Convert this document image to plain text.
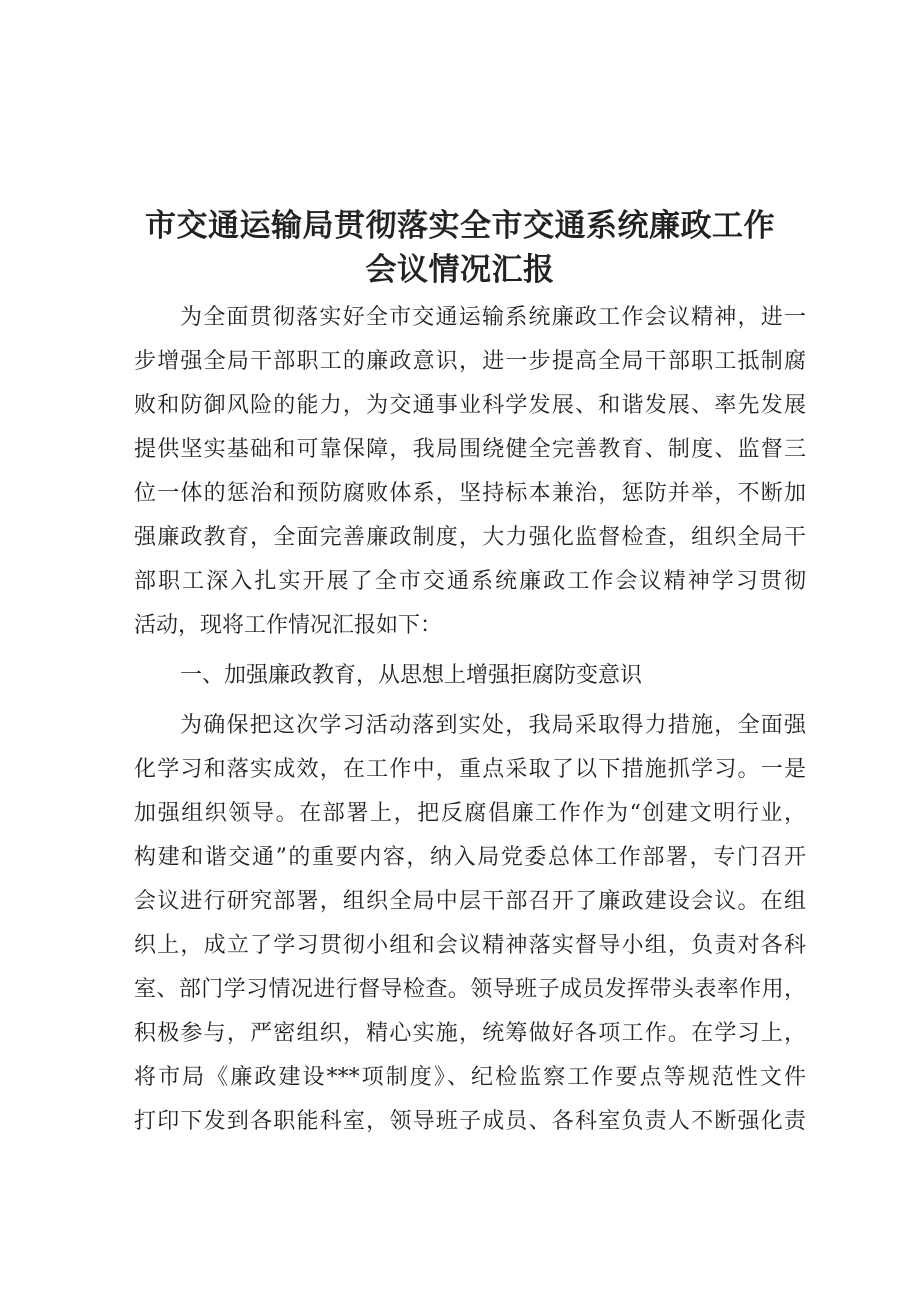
市交通运输局贯彻落实全市交通系统廉政工作
会议情况汇报
为全面贯彻落实好全市交通运输系统廉政工作会议精神，进一
步增强全局干部职工的廉政意识，进一步提高全局干部职工抵制腐
败和防御风险的能力，为交通事业科学发展、和谐发展、率先发展
提供坚实基础和可靠保障，我局围绕健全完善教育、制度、监督三
位一体的惩治和预防腐败体系，坚持标本兼治，惩防并举，不断加
强廉政教育，全面完善廉政制度，大力强化监督检查，组织全局干
部职工深入扎实开展了全市交通系统廉政工作会议精神学习贯彻
活动，现将工作情况汇报如下：
一、加强廉政教育，从思想上增强拒腐防变意识
为确保把这次学习活动落到实处，我局采取得力措施，全面强
化学习和落实成效，在工作中，重点采取了以下措施抓学习。一是
加强组织领导。在部署上，把反腐倡廉工作作为“创建文明行业，
构建和谐交通”的重要内容，纳入局党委总体工作部署，专门召开
会议进行研究部署，组织全局中层干部召开了廉政建设会议。在组
织上，成立了学习贯彻小组和会议精神落实督导小组，负责对各科
室、部门学习情况进行督导检查。领导班子成员发挥带头表率作用，
积极参与，严密组织，精心实施，统筹做好各项工作。在学习上，
将市局《廉政建设***项制度》、纪检监察工作要点等规范性文件
打印下发到各职能科室，领导班子成员、各科室负责人不断强化责
